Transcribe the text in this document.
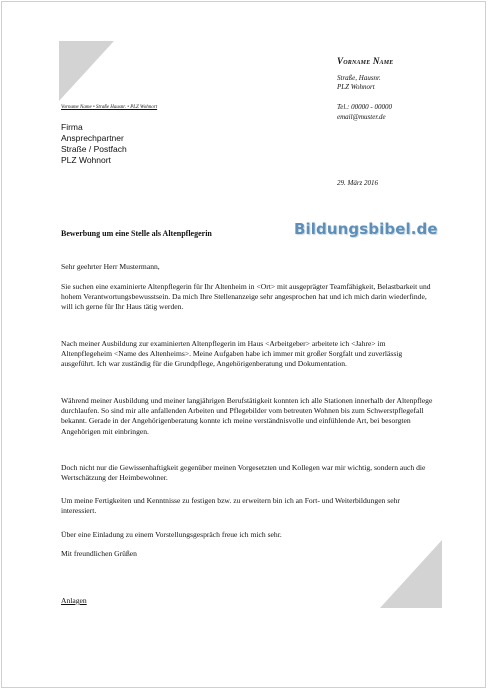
Vorname Name
Straße, Hausnr.
PLZ Wohnort
Tel.: 00000 - 00000
email@muster.de
Vorname Name • Straße Hausnr. • PLZ Wohnort
Firma
Ansprechpartner
Straße / Postfach
PLZ Wohnort
29. März 2016
Bewerbung um eine Stelle als Altenpflegerin	Bildungsbibel.de
Sehr geehrter Herr Mustermann,

Sie suchen eine examinierte Altenpflegerin für Ihr Altenheim in <Ort> mit ausgeprägter Teamfähigkeit, Belastbarkeit und hohem Verantwortungsbewusstsein. Da mich Ihre Stellenanzeige sehr angesprochen hat und ich mich darin wiederfinde, will ich gerne für Ihr Haus tätig werden.

Nach meiner Ausbildung zur examinierten Altenpflegerin im Haus <Arbeitgeber> arbeitete ich <Jahre> im Altenpflegeheim <Name des Altenheims>. Meine Aufgaben habe ich immer mit großer Sorgfalt und zuverlässig ausgeführt. Ich war zuständig für die Grundpflege, Angehörigenberatung und Dokumentation.

Während meiner Ausbildung und meiner langjährigen Berufstätigkeit konnten ich alle Stationen innerhalb der Altenpflege durchlaufen. So sind mir alle anfallenden Arbeiten und Pflegebilder vom betreuten Wohnen bis zum Schwerstpflegefall bekannt. Gerade in der Angehörigenberatung konnte ich meine verständnisvolle und einfühlende Art, bei besorgten Angehörigen mit einbringen.

Doch nicht nur die Gewissenhaftigkeit gegenüber meinen Vorgesetzten und Kollegen war mir wichtig, sondern auch die Wertschätzung der Heimbewohner.

Um meine Fertigkeiten und Kenntnisse zu festigen bzw. zu erweitern bin ich an Fort- und Weiterbildungen sehr interessiert.

Über eine Einladung zu einem Vorstellungsgespräch freue ich mich sehr.

Mit freundlichen Grüßen
Anlagen
